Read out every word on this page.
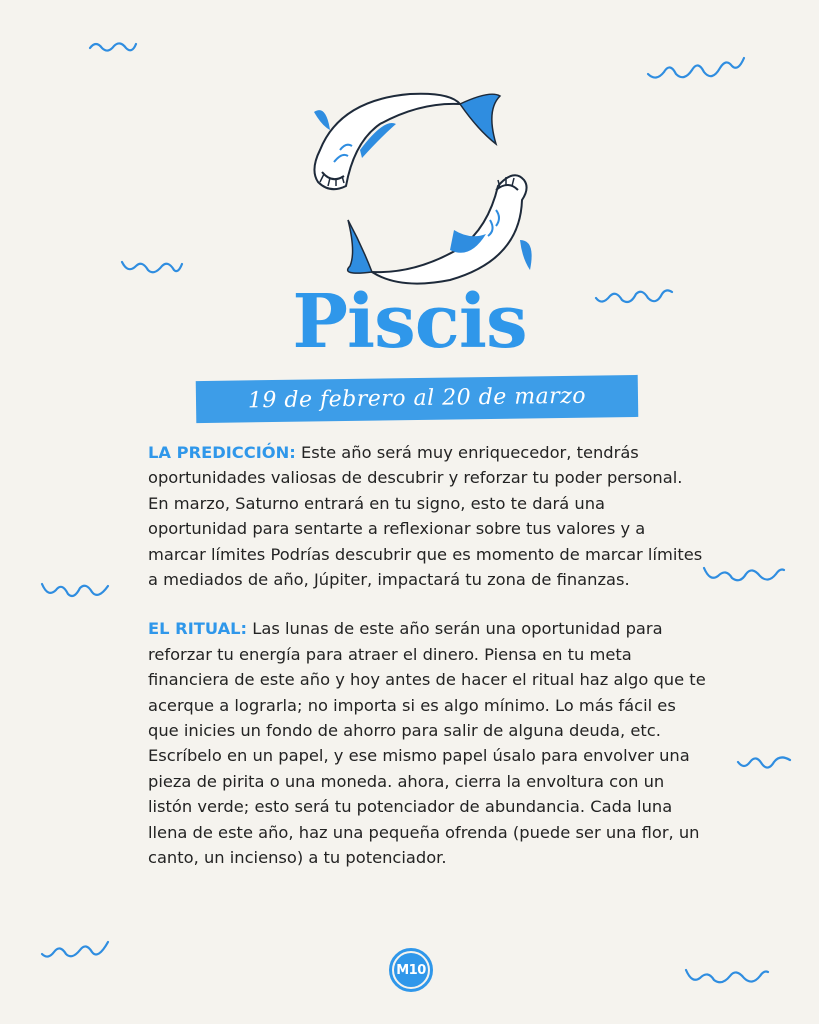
Piscis
19 de febrero al 20 de marzo

LA PREDICCIÓN: Este año será muy enriquecedor, tendrás oportunidades valiosas de descubrir y reforzar tu poder personal. En marzo, Saturno entrará en tu signo, esto te dará una oportunidad para sentarte a reflexionar sobre tus valores y a marcar límites Podrías descubrir que es momento de marcar límites a mediados de año, Júpiter, impactará tu zona de finanzas.

EL RITUAL: Las lunas de este año serán una oportunidad para reforzar tu energía para atraer el dinero. Piensa en tu meta financiera de este año y hoy antes de hacer el ritual haz algo que te acerque a lograrla; no importa si es algo mínimo. Lo más fácil es que inicies un fondo de ahorro para salir de alguna deuda, etc. Escríbelo en un papel, y ese mismo papel úsalo para envolver una pieza de pirita o una moneda. ahora, cierra la envoltura con un listón verde; esto será tu potenciador de abundancia. Cada luna llena de este año, haz una pequeña ofrenda (puede ser una flor, un canto, un incienso) a tu potenciador.

M10
